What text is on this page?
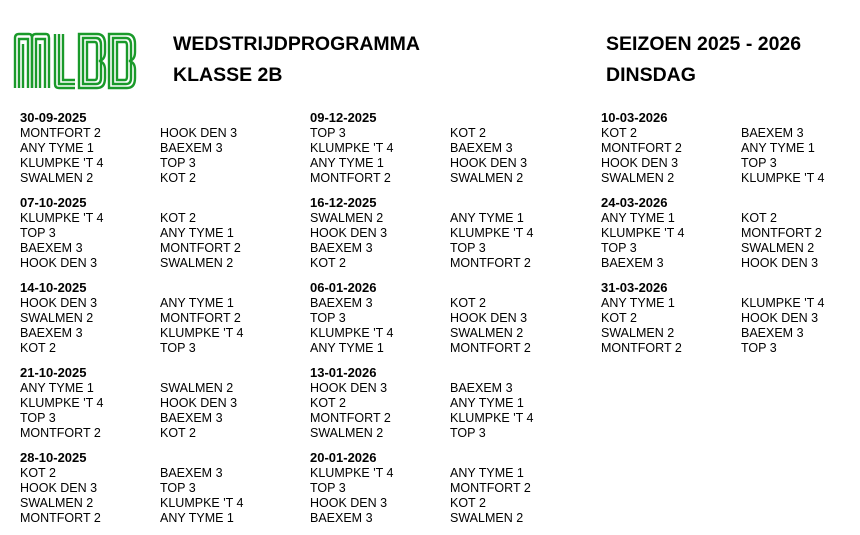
WEDSTRIJDPROGRAMMA
KLASSE 2B
SEIZOEN 2025 - 2026
DINSDAG
30-09-2025
MONTFORT 2	HOOK DEN 3
ANY TYME 1	BAEXEM 3
KLUMPKE 'T 4	TOP 3
SWALMEN 2	KOT 2
07-10-2025
KLUMPKE 'T 4	KOT 2
TOP 3	ANY TYME 1
BAEXEM 3	MONTFORT 2
HOOK DEN 3	SWALMEN 2
14-10-2025
HOOK DEN 3	ANY TYME 1
SWALMEN 2	MONTFORT 2
BAEXEM 3	KLUMPKE 'T 4
KOT 2	TOP 3
21-10-2025
ANY TYME 1	SWALMEN 2
KLUMPKE 'T 4	HOOK DEN 3
TOP 3	BAEXEM 3
MONTFORT 2	KOT 2
28-10-2025
KOT 2	BAEXEM 3
HOOK DEN 3	TOP 3
SWALMEN 2	KLUMPKE 'T 4
MONTFORT 2	ANY TYME 1
09-12-2025
TOP 3	KOT 2
KLUMPKE 'T 4	BAEXEM 3
ANY TYME 1	HOOK DEN 3
MONTFORT 2	SWALMEN 2
16-12-2025
SWALMEN 2	ANY TYME 1
HOOK DEN 3	KLUMPKE 'T 4
BAEXEM 3	TOP 3
KOT 2	MONTFORT 2
06-01-2026
BAEXEM 3	KOT 2
TOP 3	HOOK DEN 3
KLUMPKE 'T 4	SWALMEN 2
ANY TYME 1	MONTFORT 2
13-01-2026
HOOK DEN 3	BAEXEM 3
KOT 2	ANY TYME 1
MONTFORT 2	KLUMPKE 'T 4
SWALMEN 2	TOP 3
20-01-2026
KLUMPKE 'T 4	ANY TYME 1
TOP 3	MONTFORT 2
HOOK DEN 3	KOT 2
BAEXEM 3	SWALMEN 2
10-03-2026
KOT 2	BAEXEM 3
MONTFORT 2	ANY TYME 1
HOOK DEN 3	TOP 3
SWALMEN 2	KLUMPKE 'T 4
24-03-2026
ANY TYME 1	KOT 2
KLUMPKE 'T 4	MONTFORT 2
TOP 3	SWALMEN 2
BAEXEM 3	HOOK DEN 3
31-03-2026
ANY TYME 1	KLUMPKE 'T 4
KOT 2	HOOK DEN 3
SWALMEN 2	BAEXEM 3
MONTFORT 2	TOP 3
